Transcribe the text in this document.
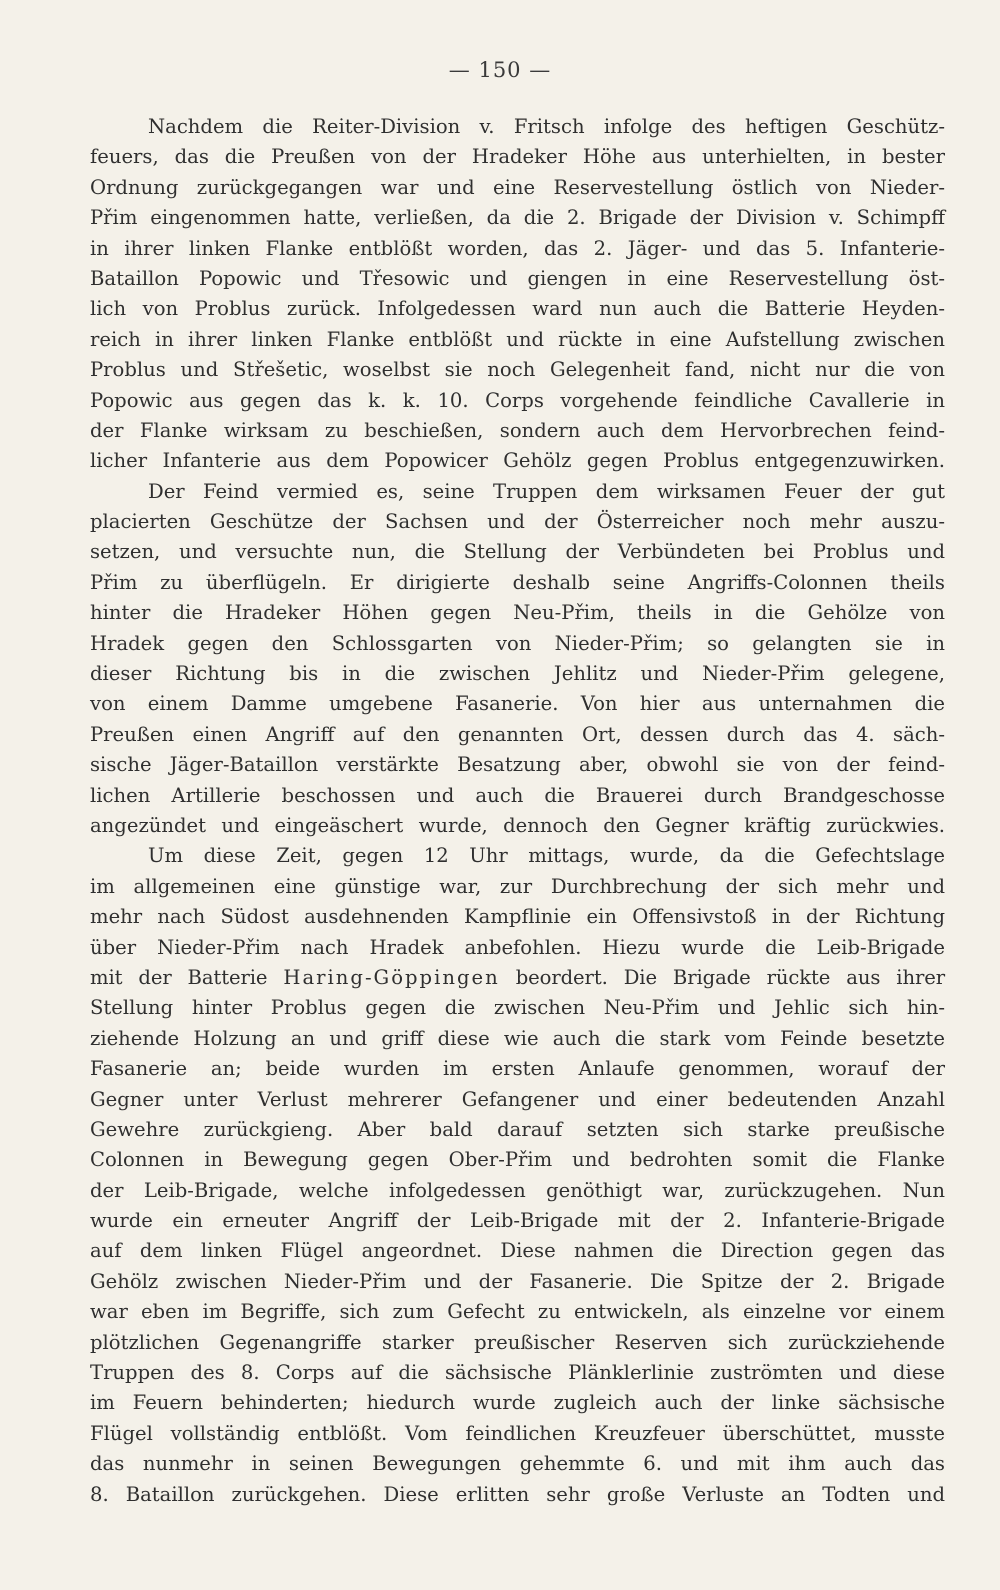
— 150 —

Nachdem die Reiter-Division v. Fritsch infolge des heftigen Geschütz-
feuers, das die Preußen von der Hradeker Höhe aus unterhielten, in bester
Ordnung zurückgegangen war und eine Reservestellung östlich von Nieder-
Přim eingenommen hatte, verließen, da die 2. Brigade der Division v. Schimpff
in ihrer linken Flanke entblößt worden, das 2. Jäger- und das 5. Infanterie-
Bataillon Popowic und Třesowic und giengen in eine Reservestellung öst-
lich von Problus zurück. Infolgedessen ward nun auch die Batterie Heyden-
reich in ihrer linken Flanke entblößt und rückte in eine Aufstellung zwischen
Problus und Střešetic, woselbst sie noch Gelegenheit fand, nicht nur die von
Popowic aus gegen das k. k. 10. Corps vorgehende feindliche Cavallerie in
der Flanke wirksam zu beschießen, sondern auch dem Hervorbrechen feind-
licher Infanterie aus dem Popowicer Gehölz gegen Problus entgegenzuwirken.

Der Feind vermied es, seine Truppen dem wirksamen Feuer der gut
placierten Geschütze der Sachsen und der Österreicher noch mehr auszu-
setzen, und versuchte nun, die Stellung der Verbündeten bei Problus und
Přim zu überflügeln. Er dirigierte deshalb seine Angriffs-Colonnen theils
hinter die Hradeker Höhen gegen Neu-Přim, theils in die Gehölze von
Hradek gegen den Schlossgarten von Nieder-Přim; so gelangten sie in
dieser Richtung bis in die zwischen Jehlitz und Nieder-Přim gelegene,
von einem Damme umgebene Fasanerie. Von hier aus unternahmen die
Preußen einen Angriff auf den genannten Ort, dessen durch das 4. säch-
sische Jäger-Bataillon verstärkte Besatzung aber, obwohl sie von der feind-
lichen Artillerie beschossen und auch die Brauerei durch Brandgeschosse
angezündet und eingeäschert wurde, dennoch den Gegner kräftig zurückwies.

Um diese Zeit, gegen 12 Uhr mittags, wurde, da die Gefechtslage
im allgemeinen eine günstige war, zur Durchbrechung der sich mehr und
mehr nach Südost ausdehnenden Kampflinie ein Offensivstoß in der Richtung
über Nieder-Přim nach Hradek anbefohlen. Hiezu wurde die Leib-Brigade
mit der Batterie Haring-Göppingen beordert. Die Brigade rückte aus ihrer
Stellung hinter Problus gegen die zwischen Neu-Přim und Jehlic sich hin-
ziehende Holzung an und griff diese wie auch die stark vom Feinde besetzte
Fasanerie an; beide wurden im ersten Anlaufe genommen, worauf der
Gegner unter Verlust mehrerer Gefangener und einer bedeutenden Anzahl
Gewehre zurückgieng. Aber bald darauf setzten sich starke preußische
Colonnen in Bewegung gegen Ober-Přim und bedrohten somit die Flanke
der Leib-Brigade, welche infolgedessen genöthigt war, zurückzugehen. Nun
wurde ein erneuter Angriff der Leib-Brigade mit der 2. Infanterie-Brigade
auf dem linken Flügel angeordnet. Diese nahmen die Direction gegen das
Gehölz zwischen Nieder-Přim und der Fasanerie. Die Spitze der 2. Brigade
war eben im Begriffe, sich zum Gefecht zu entwickeln, als einzelne vor einem
plötzlichen Gegenangriffe starker preußischer Reserven sich zurückziehende
Truppen des 8. Corps auf die sächsische Plänklerlinie zuströmten und diese
im Feuern behinderten; hiedurch wurde zugleich auch der linke sächsische
Flügel vollständig entblößt. Vom feindlichen Kreuzfeuer überschüttet, musste
das nunmehr in seinen Bewegungen gehemmte 6. und mit ihm auch das
8. Bataillon zurückgehen. Diese erlitten sehr große Verluste an Todten und
